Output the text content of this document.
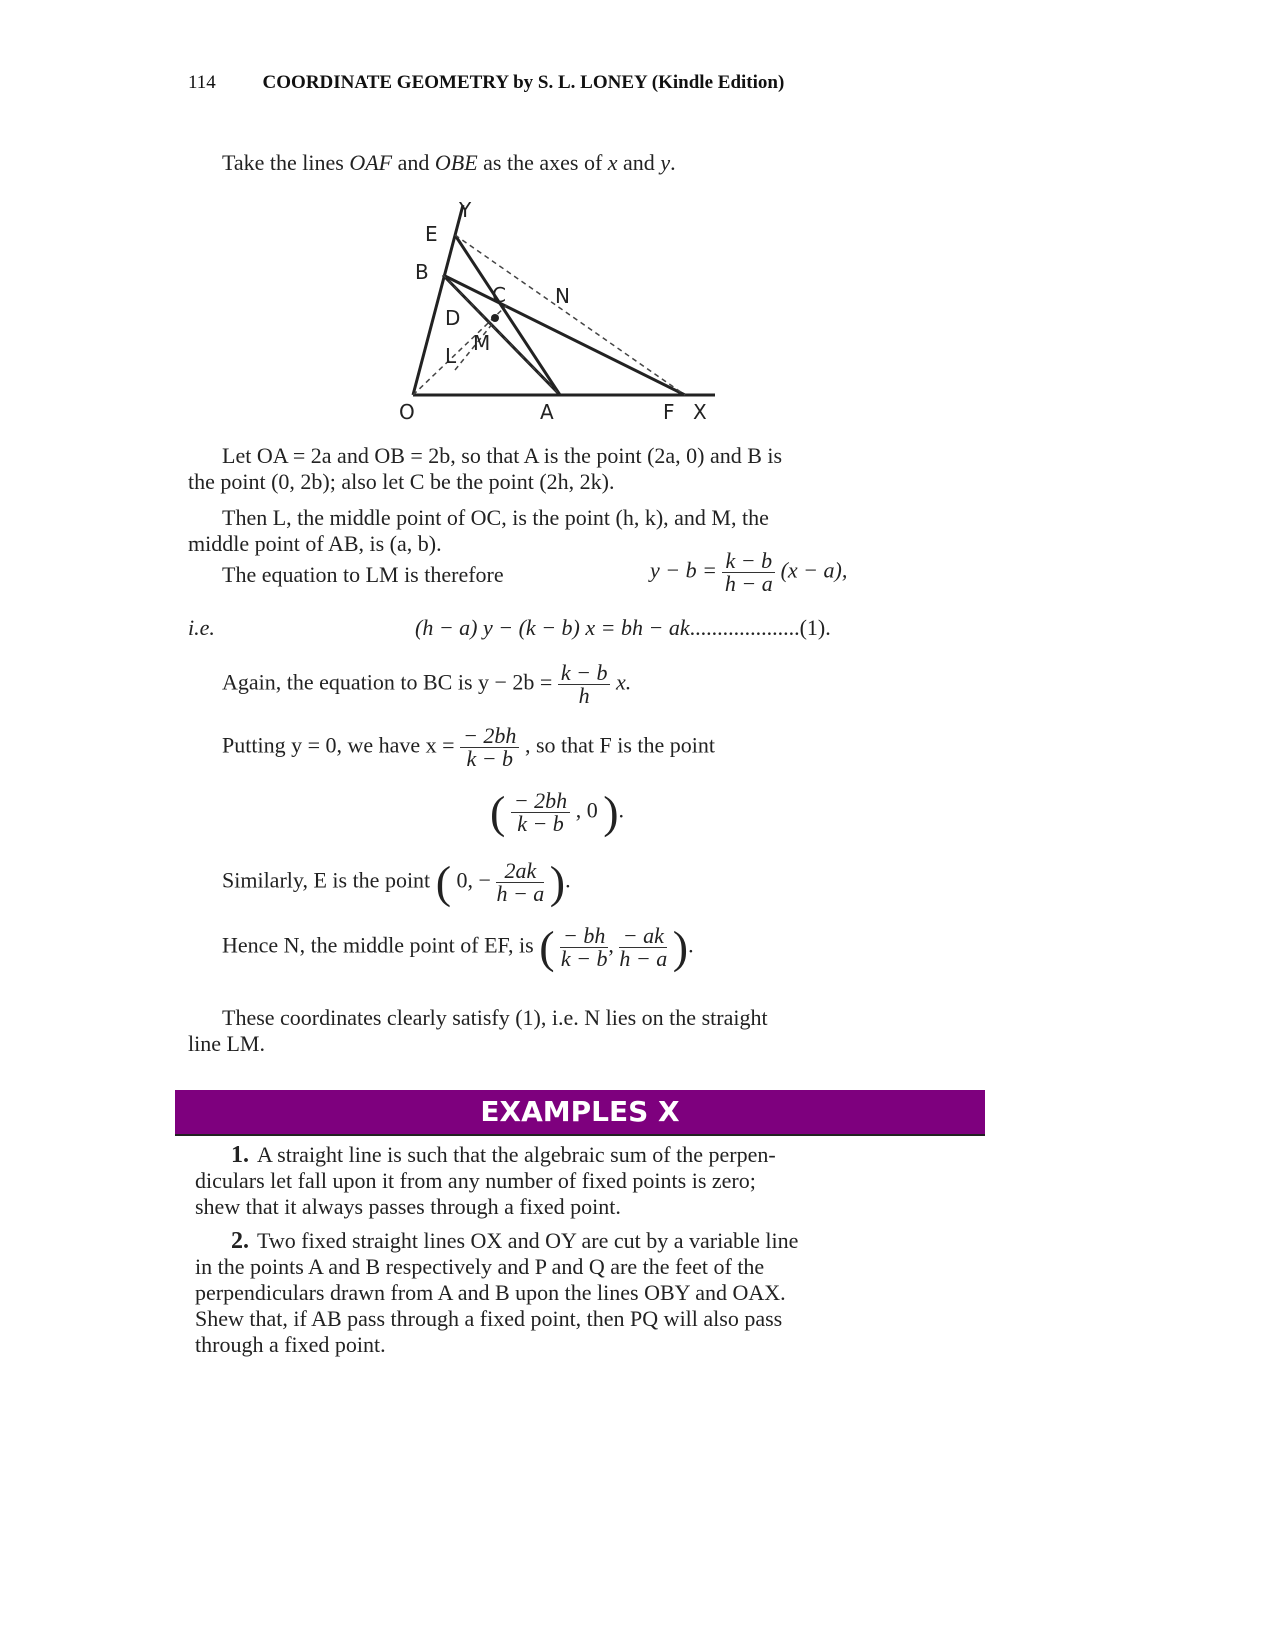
114 COORDINATE GEOMETRY by S. L. LONEY (Kindle Edition)
Take the lines OAF and OBE as the axes of x and y.
Y
E
B
C N
D
M
L
O	A	F X
Let OA = 2a and OB = 2b, so that A is the point (2a, 0) and B is
the point (0, 2b); also let C be the point (2h, 2k).
Then L, the middle point of OC, is the point (h, k), and M, the
middle point of AB, is (a, b).
The equation to LM is therefore	$y - b = \frac{k - b}{h - a} (x - a)$,
i.e.	(h − a) y − (k − b) x = bh − ak....................(1).
Again, the equation to BC is $y - 2b = \frac{k - b}{h} x$.
Putting y = 0, we have $x = \frac{- 2bh}{k - b}$ , so that F is the point
( $\frac{- 2bh}{k - b}$ , 0 ).
Similarly, E is the point ( 0, − $\frac{2ak}{h - a}$ ).
Hence N, the middle point of EF, is ( $\frac{- bh}{k - b}$ , $\frac{- ak}{h - a}$ ).
These coordinates clearly satisfy (1), i.e. N lies on the straight
line LM.
EXAMPLES X
1. A straight line is such that the algebraic sum of the perpen-
diculars let fall upon it from any number of fixed points is zero;
shew that it always passes through a fixed point.
2. Two fixed straight lines OX and OY are cut by a variable line
in the points A and B respectively and P and Q are the feet of the
perpendiculars drawn from A and B upon the lines OBY and OAX.
Shew that, if AB pass through a fixed point, then PQ will also pass
through a fixed point.
